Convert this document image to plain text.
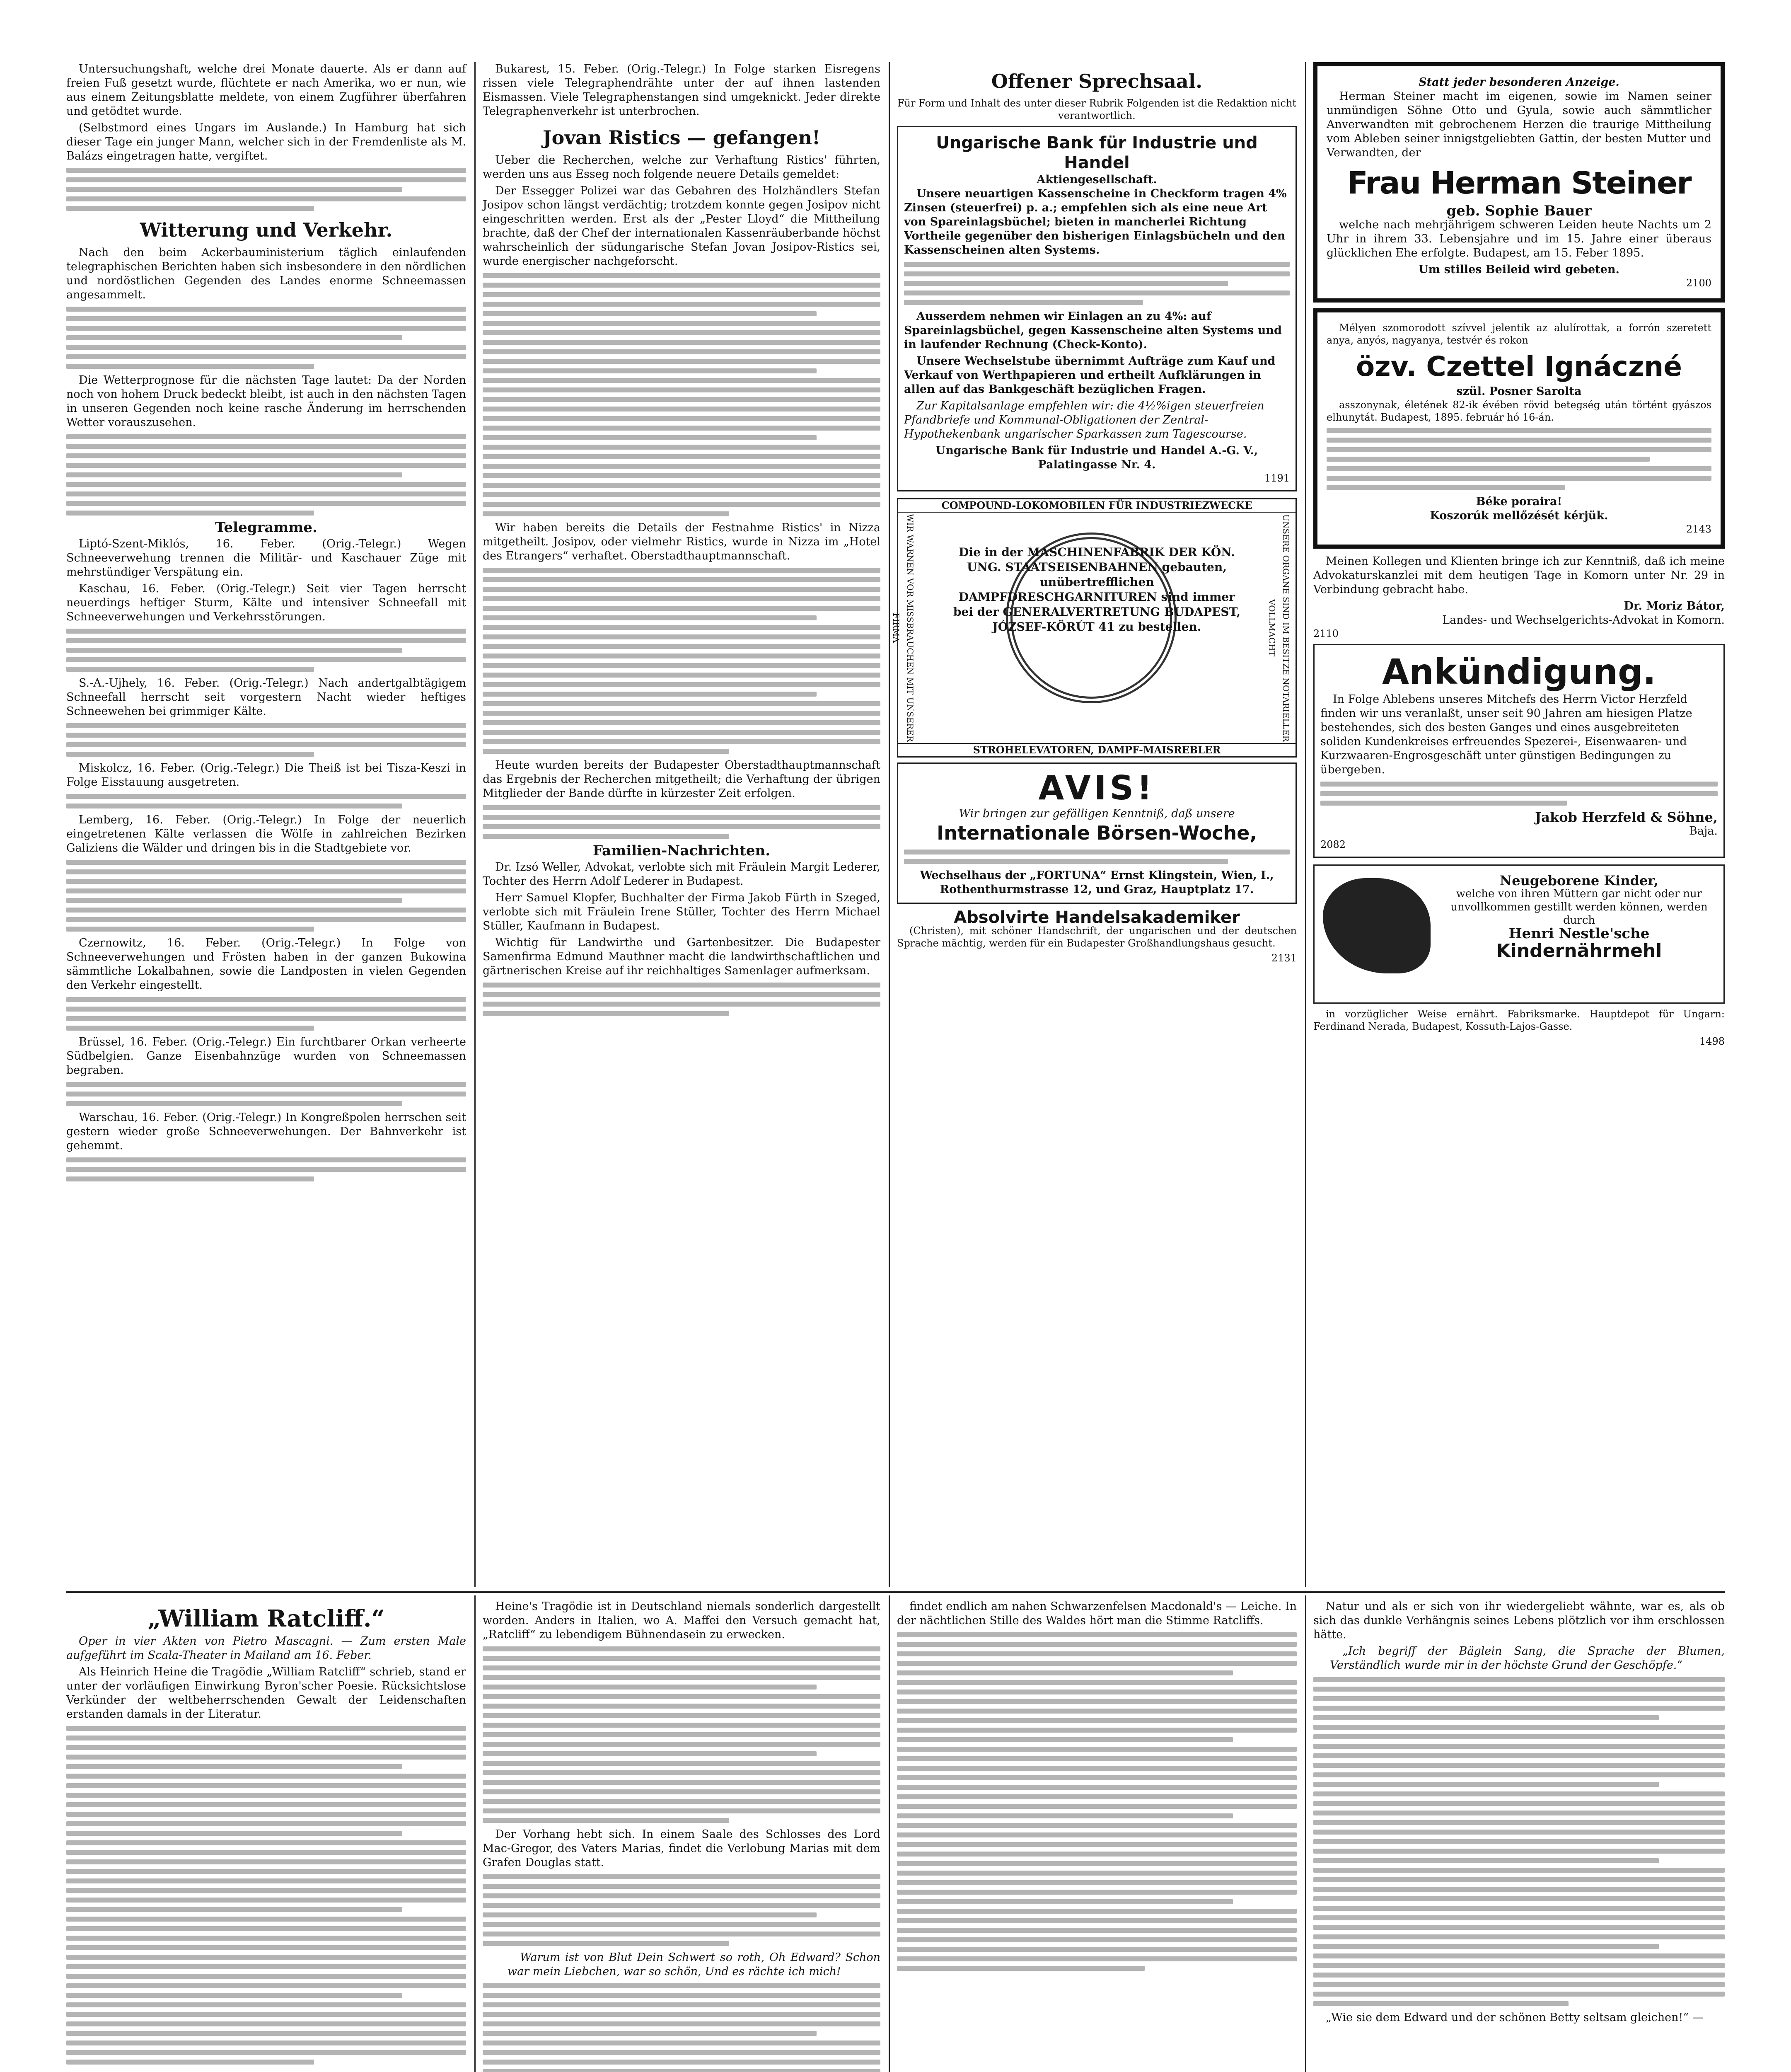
Untersuchungshaft, welche drei Monate dauerte. Als er dann auf freien Fuß gesetzt wurde, flüchtete er nach Amerika, wo er nun, wie aus einem Zeitungsblatte meldete, von einem Zugführer überfahren und getödtet wurde.

(Selbstmord eines Ungars im Auslande.) In Hamburg hat sich dieser Tage ein junger Mann, welcher sich in der Fremdenliste als M. Balázs eingetragen hatte, vergiftet.

Witterung und Verkehr.

Nach den beim Ackerbauministerium täglich einlaufenden telegraphischen Berichten haben sich insbesondere in den nördlichen und nordöstlichen Gegenden des Landes enorme Schneemassen angesammelt.

Die Wetterprognose für die nächsten Tage lautet: Da der Norden noch von hohem Druck bedeckt bleibt, ist auch in den nächsten Tagen in unseren Gegenden noch keine rasche Änderung im herrschenden Wetter vorauszusehen.

Telegramme.

Liptó-Szent-Miklós, 16. Feber. (Orig.-Telegr.) Wegen Schneeverwehung trennen die Militär- und Kaschauer Züge mit mehrstündiger Verspätung ein.

Kaschau, 16. Feber. (Orig.-Telegr.) Seit vier Tagen herrscht neuerdings heftiger Sturm, Kälte und intensiver Schneefall mit Schneeverwehungen und Verkehrsstörungen.

S.-A.-Ujhely, 16. Feber. (Orig.-Telegr.) Nach andertgalbtägigem Schneefall herrscht seit vorgestern Nacht wieder heftiges Schneewehen bei grimmiger Kälte.

Miskolcz, 16. Feber. (Orig.-Telegr.) Die Theiß ist bei Tisza-Keszi in Folge Eisstauung ausgetreten.

Lemberg, 16. Feber. (Orig.-Telegr.) In Folge der neuerlich eingetretenen Kälte verlassen die Wölfe in zahlreichen Bezirken Galiziens die Wälder und dringen bis in die Stadtgebiete vor.

Czernowitz, 16. Feber. (Orig.-Telegr.) In Folge von Schneeverwehungen und Frösten haben in der ganzen Bukowina sämmtliche Lokalbahnen, sowie die Landposten in vielen Gegenden den Verkehr eingestellt.

Brüssel, 16. Feber. (Orig.-Telegr.) Ein furchtbarer Orkan verheerte Südbelgien. Ganze Eisenbahnzüge wurden von Schneemassen begraben.

Warschau, 16. Feber. (Orig.-Telegr.) In Kongreßpolen herrschen seit gestern wieder große Schneeverwehungen. Der Bahnverkehr ist gehemmt.

Bukarest, 15. Feber. (Orig.-Telegr.) In Folge starken Eisregens rissen viele Telegraphendrähte unter der auf ihnen lastenden Eismassen. Viele Telegraphenstangen sind umgeknickt. Jeder direkte Telegraphenverkehr ist unterbrochen.

Jovan Ristics — gefangen!

Ueber die Recherchen, welche zur Verhaftung Ristics' führten, werden uns aus Esseg noch folgende neuere Details gemeldet:

Der Essegger Polizei war das Gebahren des Holzhändlers Stefan Josipov schon längst verdächtig; trotzdem konnte gegen Josipov nicht eingeschritten werden. Erst als der „Pester Lloyd“ die Mittheilung brachte, daß der Chef der internationalen Kassenräuberbande höchst wahrscheinlich der südungarische Stefan Jovan Josipov-Ristics sei, wurde energischer nachgeforscht.

Wir haben bereits die Details der Festnahme Ristics' in Nizza mitgetheilt. Josipov, oder vielmehr Ristics, wurde in Nizza im „Hotel des Etrangers“ verhaftet. Oberstadthauptmannschaft.

Heute wurden bereits der Budapester Oberstadthauptmannschaft das Ergebnis der Recherchen mitgetheilt; die Verhaftung der übrigen Mitglieder der Bande dürfte in kürzester Zeit erfolgen.

Familien-Nachrichten.

Dr. Izsó Weller, Advokat, verlobte sich mit Fräulein Margit Lederer, Tochter des Herrn Adolf Lederer in Budapest.

Herr Samuel Klopfer, Buchhalter der Firma Jakob Fürth in Szeged, verlobte sich mit Fräulein Irene Stüller, Tochter des Herrn Michael Stüller, Kaufmann in Budapest.

Wichtig für Landwirthe und Gartenbesitzer. Die Budapester Samenfirma Edmund Mauthner macht die landwirthschaftlichen und gärtnerischen Kreise auf ihr reichhaltiges Samenlager aufmerksam.

Offener Sprechsaal.
Für Form und Inhalt des unter dieser Rubrik Folgenden ist die Redaktion nicht verantwortlich.
Ungarische Bank für Industrie und Handel
Aktiengesellschaft.

Unsere neuartigen Kassenscheine in Checkform tragen 4% Zinsen (steuerfrei) p. a.; empfehlen sich als eine neue Art von Spareinlagsbüchel; bieten in mancherlei Richtung Vortheile gegenüber den bisherigen Einlagsbücheln und den Kassenscheinen alten Systems.

Ausserdem nehmen wir Einlagen an zu 4%: auf Spareinlagsbüchel, gegen Kassenscheine alten Systems und in laufender Rechnung (Check-Konto).

Unsere Wechselstube übernimmt Aufträge zum Kauf und Verkauf von Werthpapieren und ertheilt Aufklärungen in allen auf das Bankgeschäft bezüglichen Fragen.

Zur Kapitalsanlage empfehlen wir: die 4½%igen steuerfreien Pfandbriefe und Kommunal-Obligationen der Zentral-Hypothekenbank ungarischer Sparkassen zum Tagescourse.

Ungarische Bank für Industrie und Handel A.-G. V., Palatingasse Nr. 4.
1191
COMPOUND-LOKOMOBILEN FÜR INDUSTRIEZWECKE
WIR WARNEN VOR MISSBRAUCHEN MIT UNSERER FIRMA	UNSERE ORGANE SIND IM BESITZE NOTARIELLER VOLLMACHT
Die in der MASCHINENFABRIK DER KÖN. UNG. STAATSEISENBAHNEN gebauten, unübertrefflichen DAMPFDRESCHGARNITUREN sind immer bei der GENERALVERTRETUNG BUDAPEST, JÓZSEF-KÖRÚT 41 zu bestellen.
STROHELEVATOREN, DAMPF-MAISREBLER
AVIS!
Wir bringen zur gefälligen Kenntniß, daß unsere
Internationale Börsen-Woche,
Wechselhaus der „FORTUNA“ Ernst Klingstein, Wien, I., Rothenthurmstrasse 12, und Graz, Hauptplatz 17.
Absolvirte Handelsakademiker

(Christen), mit schöner Handschrift, der ungarischen und der deutschen Sprache mächtig, werden für ein Budapester Großhandlungshaus gesucht.

2131
Statt jeder besonderen Anzeige.

Herman Steiner macht im eigenen, sowie im Namen seiner unmündigen Söhne Otto und Gyula, sowie auch sämmtlicher Anverwandten mit gebrochenem Herzen die traurige Mittheilung vom Ableben seiner innigstgeliebten Gattin, der besten Mutter und Verwandten, der

Frau Herman Steiner
geb. Sophie Bauer

welche nach mehrjährigem schweren Leiden heute Nachts um 2 Uhr in ihrem 33. Lebensjahre und im 15. Jahre einer überaus glücklichen Ehe erfolgte. Budapest, am 15. Feber 1895.

Um stilles Beileid wird gebeten.
2100

Mélyen szomorodott szívvel jelentik az alulírottak, a forrón szeretett anya, anyós, nagyanya, testvér és rokon

özv. Czettel Ignáczné
szül. Posner Sarolta

asszonynak, életének 82-ik évében rövid betegség után történt gyászos elhunytát. Budapest, 1895. február hó 16-án.

Béke poraira!
Koszorúk mellőzését kérjük.
2143

Meinen Kollegen und Klienten bringe ich zur Kenntniß, daß ich meine Advokaturskanzlei mit dem heutigen Tage in Komorn unter Nr. 29 in Verbindung gebracht habe.

Dr. Moriz Bátor,
Landes- und Wechselgerichts-Advokat in Komorn.
2110
Ankündigung.

In Folge Ablebens unseres Mitchefs des Herrn Victor Herzfeld finden wir uns veranlaßt, unser seit 90 Jahren am hiesigen Platze bestehendes, sich des besten Ganges und eines ausgebreiteten soliden Kundenkreises erfreuendes Spezerei-, Eisenwaaren- und Kurzwaaren-Engrosgeschäft unter günstigen Bedingungen zu übergeben.

Jakob Herzfeld & Söhne,
Baja.
2082
Neugeborene Kinder,
welche von ihren Müttern gar nicht oder nur unvollkommen gestillt werden können, werden durch
Henri Nestle'sche
Kindernährmehl

in vorzüglicher Weise ernährt. Fabriksmarke. Hauptdepot für Ungarn: Ferdinand Nerada, Budapest, Kossuth-Lajos-Gasse.

1498
„William Ratcliff.“

Oper in vier Akten von Pietro Mascagni. — Zum ersten Male aufgeführt im Scala-Theater in Mailand am 16. Feber.

Als Heinrich Heine die Tragödie „William Ratcliff“ schrieb, stand er unter der vorläufigen Einwirkung Byron'scher Poesie. Rücksichtslose Verkünder der weltbeherrschenden Gewalt der Leidenschaften erstanden damals in der Literatur.

Heine's Tragödie ist in Deutschland niemals sonderlich dargestellt worden. Anders in Italien, wo A. Maffei den Versuch gemacht hat, „Ratcliff“ zu lebendigem Bühnendasein zu erwecken.

Der Vorhang hebt sich. In einem Saale des Schlosses des Lord Mac-Gregor, des Vaters Marias, findet die Verlobung Marias mit dem Grafen Douglas statt.

Warum ist von Blut Dein Schwert so roth, Oh Edward? Schon war mein Liebchen, war so schön, Und es rächte ich mich!

findet endlich am nahen Schwarzenfelsen Macdonald's — Leiche. In der nächtlichen Stille des Waldes hört man die Stimme Ratcliffs.

Natur und als er sich von ihr wiedergeliebt wähnte, war es, als ob sich das dunkle Verhängnis seines Lebens plötzlich vor ihm erschlossen hätte.

„Ich begriff der Bäglein Sang, die Sprache der Blumen, Verständlich wurde mir in der höchste Grund der Geschöpfe.“

„Wie sie dem Edward und der schönen Betty seltsam gleichen!“ —
